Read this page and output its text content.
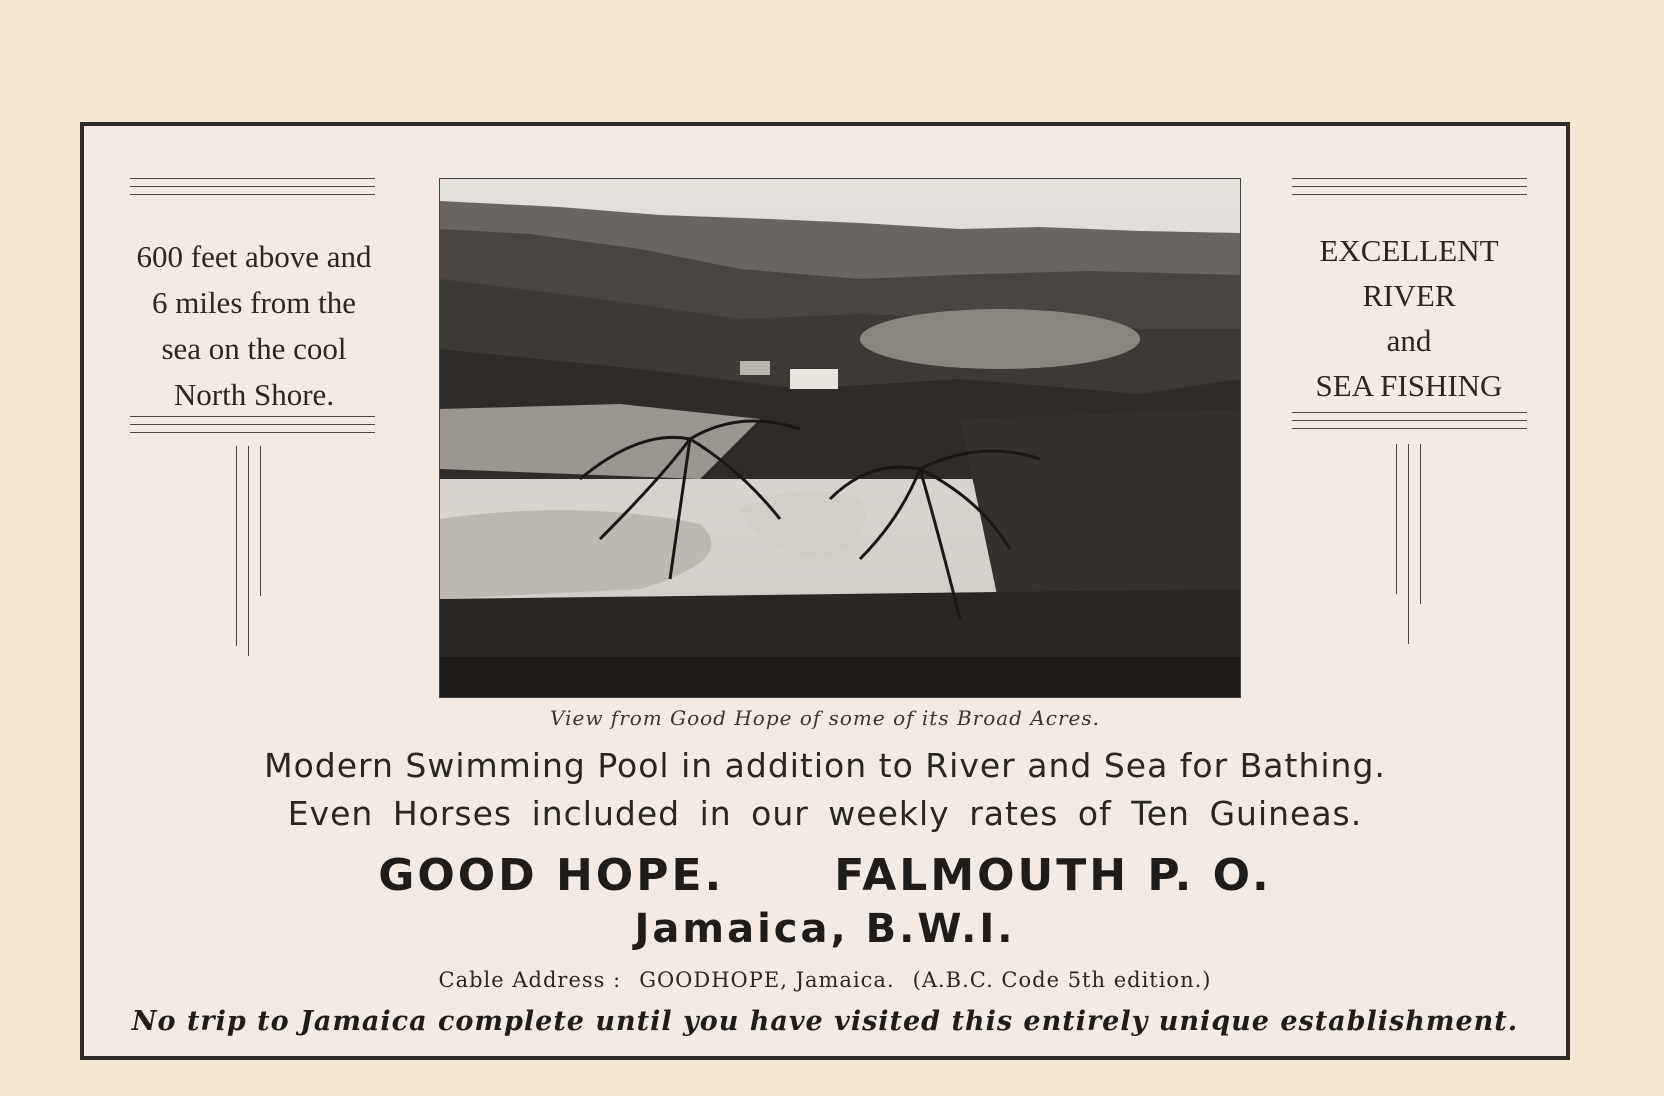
600 feet above and
6 miles from the
sea on the cool
North Shore.
EXCELLENT
RIVER
and
SEA FISHING
View from Good Hope of some of its Broad Acres.
Modern Swimming Pool in addition to River and Sea for Bathing.
Even Horses included in our weekly rates of Ten Guineas.
GOOD HOPE.	FALMOUTH P. O.
Jamaica, B.W.I.
Cable Address : GOODHOPE, Jamaica. (A.B.C. Code 5th edition.)
No trip to Jamaica complete until you have visited this entirely unique establishment.
